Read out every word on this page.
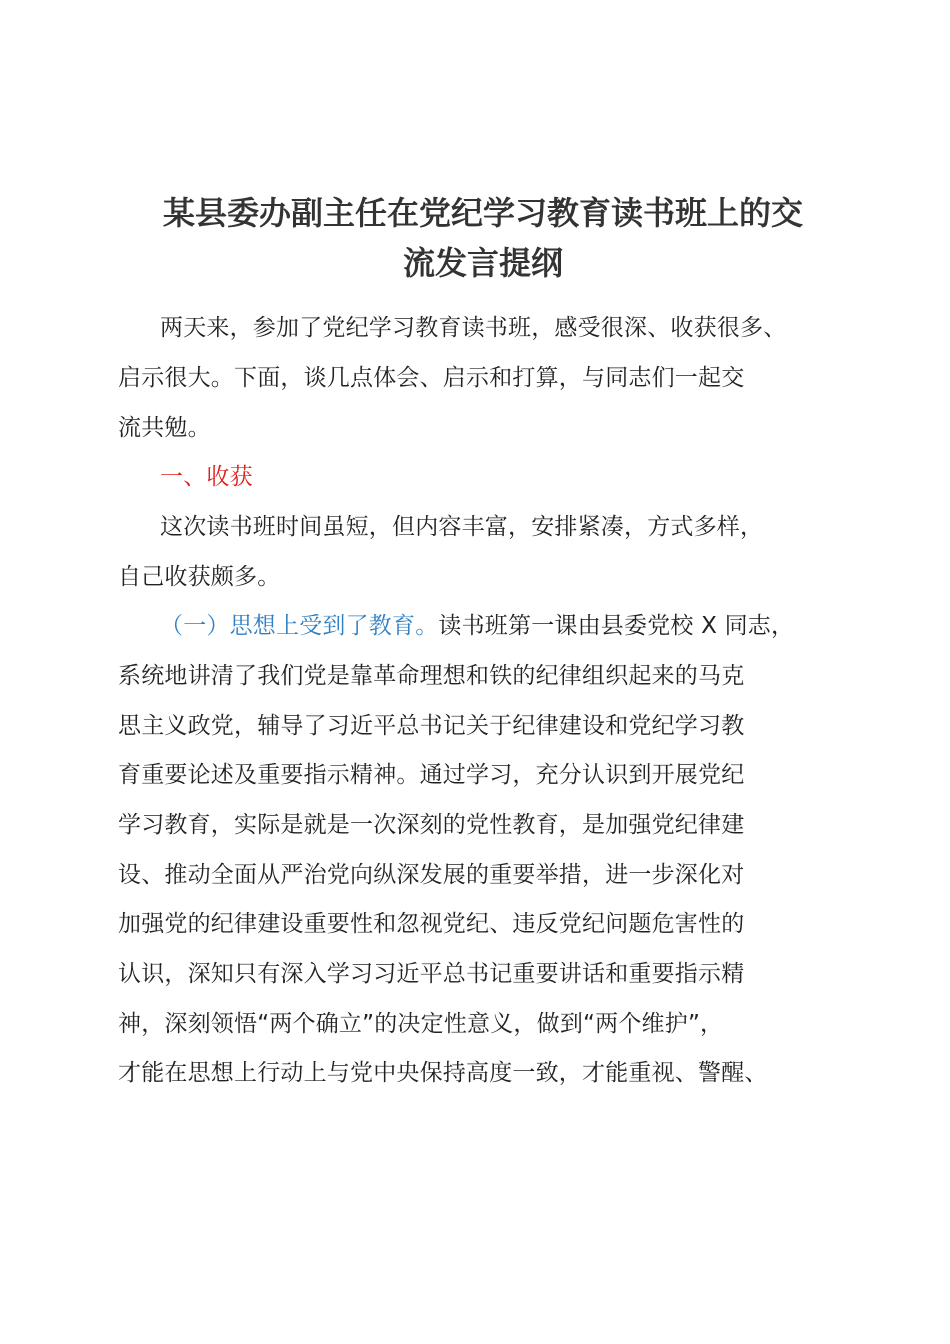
某县委办副主任在党纪学习教育读书班上的交
流发言提纲
两天来，参加了党纪学习教育读书班，感受很深、收获很多、
启示很大。下面，谈几点体会、启示和打算，与同志们一起交
流共勉。
一、收获
这次读书班时间虽短，但内容丰富，安排紧凑，方式多样，
自己收获颇多。
（一）思想上受到了教育。读书班第一课由县委党校 X 同志，
系统地讲清了我们党是靠革命理想和铁的纪律组织起来的马克
思主义政党，辅导了习近平总书记关于纪律建设和党纪学习教
育重要论述及重要指示精神。通过学习，充分认识到开展党纪
学习教育，实际是就是一次深刻的党性教育，是加强党纪律建
设、推动全面从严治党向纵深发展的重要举措，进一步深化对
加强党的纪律建设重要性和忽视党纪、违反党纪问题危害性的
认识，深知只有深入学习习近平总书记重要讲话和重要指示精
神，深刻领悟“两个确立”的决定性意义，做到“两个维护”，
才能在思想上行动上与党中央保持高度一致，才能重视、警醒、
